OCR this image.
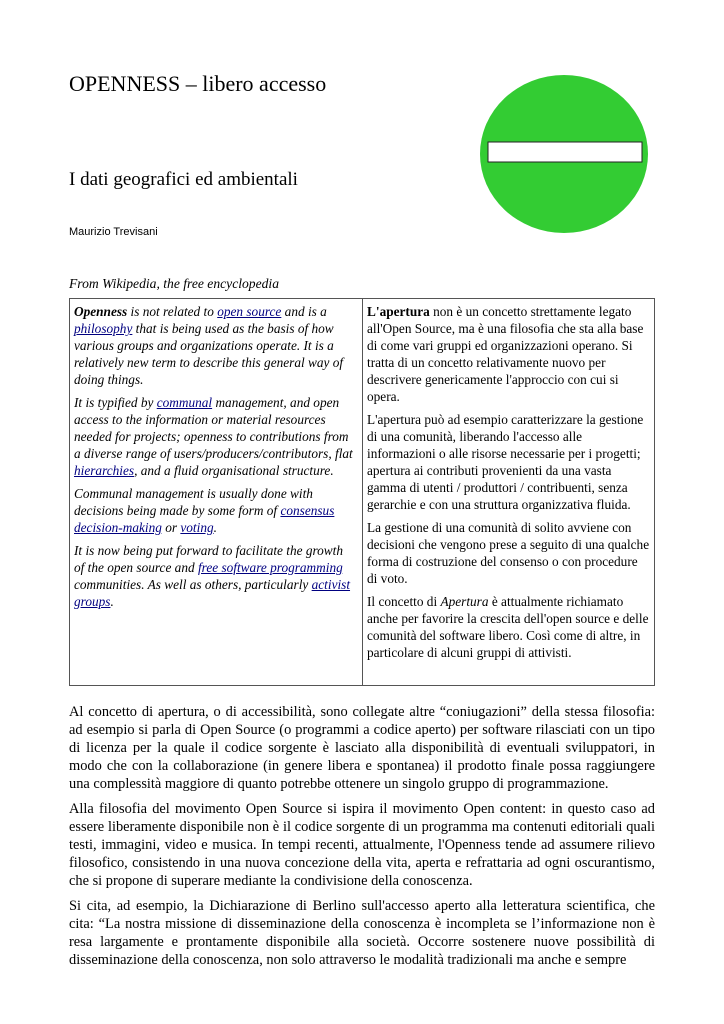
OPENNESS – libero accesso
I dati geografici ed ambientali
Maurizio Trevisani
From Wikipedia, the free encyclopedia

Openness is not related to open source and is a philosophy that is being used as the basis of how various groups and organizations operate. It is a relatively new term to describe this general way of doing things.

It is typified by communal management, and open access to the information or material resources needed for projects; openness to contributions from a diverse range of users/producers/contributors, flat hierarchies, and a fluid organisational structure.

Communal management is usually done with decisions being made by some form of consensus decision-making or voting.

It is now being put forward to facilitate the growth of the open source and free software programming communities. As well as others, particularly activist groups.

L'apertura non è un concetto strettamente legato all'Open Source, ma è una filosofia che sta alla base di come vari gruppi ed organizzazioni operano. Si tratta di un concetto relativamente nuovo per descrivere genericamente l'approccio con cui si opera.

L'apertura può ad esempio caratterizzare la gestione di una comunità, liberando l'accesso alle informazioni o alle risorse necessarie per i progetti; apertura ai contributi provenienti da una vasta gamma di utenti / produttori / contribuenti, senza gerarchie e con una struttura organizzativa fluida.

La gestione di una comunità di solito avviene con decisioni che vengono prese a seguito di una qualche forma di costruzione del consenso o con procedure di voto.

Il concetto di Apertura è attualmente richiamato anche per favorire la crescita dell'open source e delle comunità del software libero. Così come di altre, in particolare di alcuni gruppi di attivisti.

Al concetto di apertura, o di accessibilità, sono collegate altre “coniugazioni” della stessa filosofia: ad esempio si parla di Open Source (o programmi a codice aperto) per software rilasciati con un tipo di licenza per la quale il codice sorgente è lasciato alla disponibilità di eventuali sviluppatori, in modo che con la collaborazione (in genere libera e spontanea) il prodotto finale possa raggiungere una complessità maggiore di quanto potrebbe ottenere un singolo gruppo di programmazione.

Alla filosofia del movimento Open Source si ispira il movimento Open content: in questo caso ad essere liberamente disponibile non è il codice sorgente di un programma ma contenuti editoriali quali testi, immagini, video e musica. In tempi recenti, attualmente, l'Openness tende ad assumere rilievo filosofico, consistendo in una nuova concezione della vita, aperta e refrattaria ad ogni oscurantismo, che si propone di superare mediante la condivisione della conoscenza.

Si cita, ad esempio, la Dichiarazione di Berlino sull'accesso aperto alla letteratura scientifica, che cita: “La nostra missione di disseminazione della conoscenza è incompleta se l’informazione non è resa largamente e prontamente disponibile alla società. Occorre sostenere nuove possibilità di disseminazione della conoscenza, non solo attraverso le modalità tradizionali ma anche e sempre
